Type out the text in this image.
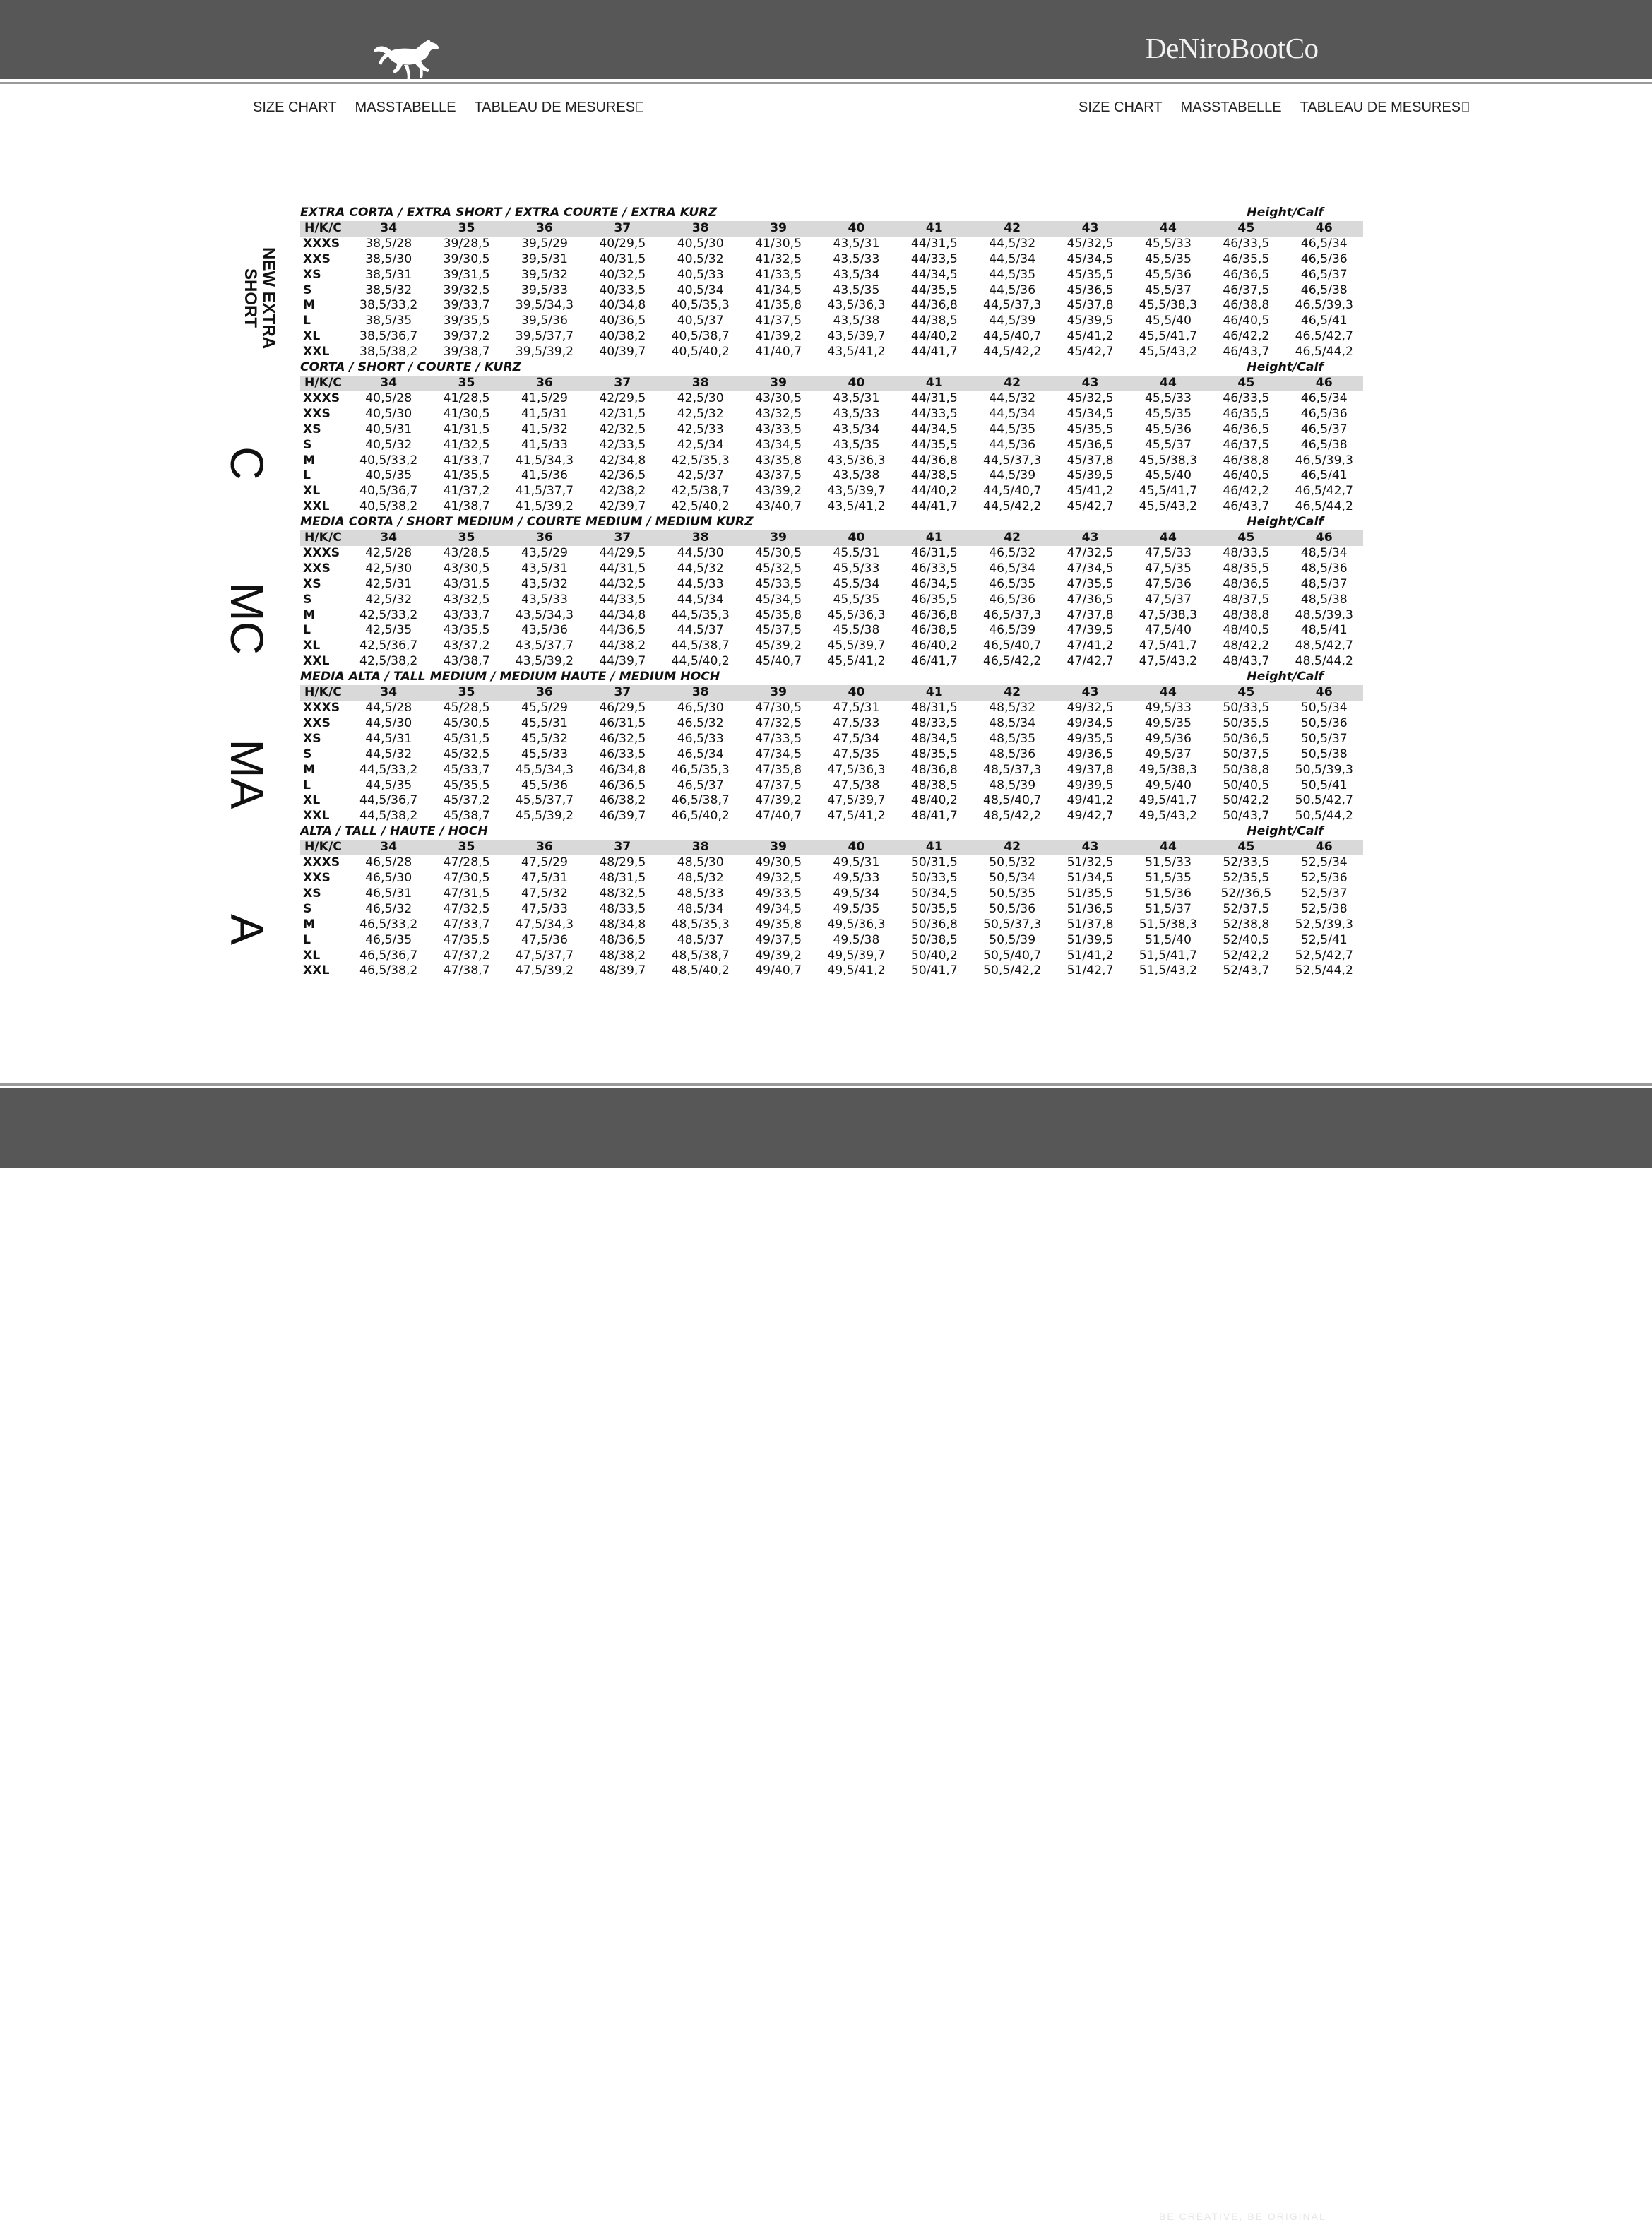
DeNiroBootCo
SIZE CHART MASSTABELLE TABLEAU DE MESURES	SIZE CHART MASSTABELLE TABLEAU DE MESURES
NEW EXTRA SHORT
C
MC
MA
A
EXTRA CORTA / EXTRA SHORT / EXTRA COURTE / EXTRA KURZ												Height/Calf	
H/K/C	34	35	36	37	38	39	40	41	42	43	44	45	46
XXXS	38,5/28	39/28,5	39,5/29	40/29,5	40,5/30	41/30,5	43,5/31	44/31,5	44,5/32	45/32,5	45,5/33	46/33,5	46,5/34
XXS	38,5/30	39/30,5	39,5/31	40/31,5	40,5/32	41/32,5	43,5/33	44/33,5	44,5/34	45/34,5	45,5/35	46/35,5	46,5/36
XS	38,5/31	39/31,5	39,5/32	40/32,5	40,5/33	41/33,5	43,5/34	44/34,5	44,5/35	45/35,5	45,5/36	46/36,5	46,5/37
S	38,5/32	39/32,5	39,5/33	40/33,5	40,5/34	41/34,5	43,5/35	44/35,5	44,5/36	45/36,5	45,5/37	46/37,5	46,5/38
M	38,5/33,2	39/33,7	39,5/34,3	40/34,8	40,5/35,3	41/35,8	43,5/36,3	44/36,8	44,5/37,3	45/37,8	45,5/38,3	46/38,8	46,5/39,3
L	38,5/35	39/35,5	39,5/36	40/36,5	40,5/37	41/37,5	43,5/38	44/38,5	44,5/39	45/39,5	45,5/40	46/40,5	46,5/41
XL	38,5/36,7	39/37,2	39,5/37,7	40/38,2	40,5/38,7	41/39,2	43,5/39,7	44/40,2	44,5/40,7	45/41,2	45,5/41,7	46/42,2	46,5/42,7
XXL	38,5/38,2	39/38,7	39,5/39,2	40/39,7	40,5/40,2	41/40,7	43,5/41,2	44/41,7	44,5/42,2	45/42,7	45,5/43,2	46/43,7	46,5/44,2
CORTA / SHORT / COURTE / KURZ												Height/Calf	
H/K/C	34	35	36	37	38	39	40	41	42	43	44	45	46
XXXS	40,5/28	41/28,5	41,5/29	42/29,5	42,5/30	43/30,5	43,5/31	44/31,5	44,5/32	45/32,5	45,5/33	46/33,5	46,5/34
XXS	40,5/30	41/30,5	41,5/31	42/31,5	42,5/32	43/32,5	43,5/33	44/33,5	44,5/34	45/34,5	45,5/35	46/35,5	46,5/36
XS	40,5/31	41/31,5	41,5/32	42/32,5	42,5/33	43/33,5	43,5/34	44/34,5	44,5/35	45/35,5	45,5/36	46/36,5	46,5/37
S	40,5/32	41/32,5	41,5/33	42/33,5	42,5/34	43/34,5	43,5/35	44/35,5	44,5/36	45/36,5	45,5/37	46/37,5	46,5/38
M	40,5/33,2	41/33,7	41,5/34,3	42/34,8	42,5/35,3	43/35,8	43,5/36,3	44/36,8	44,5/37,3	45/37,8	45,5/38,3	46/38,8	46,5/39,3
L	40,5/35	41/35,5	41,5/36	42/36,5	42,5/37	43/37,5	43,5/38	44/38,5	44,5/39	45/39,5	45,5/40	46/40,5	46,5/41
XL	40,5/36,7	41/37,2	41,5/37,7	42/38,2	42,5/38,7	43/39,2	43,5/39,7	44/40,2	44,5/40,7	45/41,2	45,5/41,7	46/42,2	46,5/42,7
XXL	40,5/38,2	41/38,7	41,5/39,2	42/39,7	42,5/40,2	43/40,7	43,5/41,2	44/41,7	44,5/42,2	45/42,7	45,5/43,2	46/43,7	46,5/44,2
MEDIA CORTA / SHORT MEDIUM / COURTE MEDIUM / MEDIUM KURZ												Height/Calf	
H/K/C	34	35	36	37	38	39	40	41	42	43	44	45	46
XXXS	42,5/28	43/28,5	43,5/29	44/29,5	44,5/30	45/30,5	45,5/31	46/31,5	46,5/32	47/32,5	47,5/33	48/33,5	48,5/34
XXS	42,5/30	43/30,5	43,5/31	44/31,5	44,5/32	45/32,5	45,5/33	46/33,5	46,5/34	47/34,5	47,5/35	48/35,5	48,5/36
XS	42,5/31	43/31,5	43,5/32	44/32,5	44,5/33	45/33,5	45,5/34	46/34,5	46,5/35	47/35,5	47,5/36	48/36,5	48,5/37
S	42,5/32	43/32,5	43,5/33	44/33,5	44,5/34	45/34,5	45,5/35	46/35,5	46,5/36	47/36,5	47,5/37	48/37,5	48,5/38
M	42,5/33,2	43/33,7	43,5/34,3	44/34,8	44,5/35,3	45/35,8	45,5/36,3	46/36,8	46,5/37,3	47/37,8	47,5/38,3	48/38,8	48,5/39,3
L	42,5/35	43/35,5	43,5/36	44/36,5	44,5/37	45/37,5	45,5/38	46/38,5	46,5/39	47/39,5	47,5/40	48/40,5	48,5/41
XL	42,5/36,7	43/37,2	43,5/37,7	44/38,2	44,5/38,7	45/39,2	45,5/39,7	46/40,2	46,5/40,7	47/41,2	47,5/41,7	48/42,2	48,5/42,7
XXL	42,5/38,2	43/38,7	43,5/39,2	44/39,7	44,5/40,2	45/40,7	45,5/41,2	46/41,7	46,5/42,2	47/42,7	47,5/43,2	48/43,7	48,5/44,2
MEDIA ALTA / TALL MEDIUM / MEDIUM HAUTE / MEDIUM HOCH												Height/Calf	
H/K/C	34	35	36	37	38	39	40	41	42	43	44	45	46
XXXS	44,5/28	45/28,5	45,5/29	46/29,5	46,5/30	47/30,5	47,5/31	48/31,5	48,5/32	49/32,5	49,5/33	50/33,5	50,5/34
XXS	44,5/30	45/30,5	45,5/31	46/31,5	46,5/32	47/32,5	47,5/33	48/33,5	48,5/34	49/34,5	49,5/35	50/35,5	50,5/36
XS	44,5/31	45/31,5	45,5/32	46/32,5	46,5/33	47/33,5	47,5/34	48/34,5	48,5/35	49/35,5	49,5/36	50/36,5	50,5/37
S	44,5/32	45/32,5	45,5/33	46/33,5	46,5/34	47/34,5	47,5/35	48/35,5	48,5/36	49/36,5	49,5/37	50/37,5	50,5/38
M	44,5/33,2	45/33,7	45,5/34,3	46/34,8	46,5/35,3	47/35,8	47,5/36,3	48/36,8	48,5/37,3	49/37,8	49,5/38,3	50/38,8	50,5/39,3
L	44,5/35	45/35,5	45,5/36	46/36,5	46,5/37	47/37,5	47,5/38	48/38,5	48,5/39	49/39,5	49,5/40	50/40,5	50,5/41
XL	44,5/36,7	45/37,2	45,5/37,7	46/38,2	46,5/38,7	47/39,2	47,5/39,7	48/40,2	48,5/40,7	49/41,2	49,5/41,7	50/42,2	50,5/42,7
XXL	44,5/38,2	45/38,7	45,5/39,2	46/39,7	46,5/40,2	47/40,7	47,5/41,2	48/41,7	48,5/42,2	49/42,7	49,5/43,2	50/43,7	50,5/44,2
ALTA / TALL / HAUTE / HOCH												Height/Calf	
H/K/C	34	35	36	37	38	39	40	41	42	43	44	45	46
XXXS	46,5/28	47/28,5	47,5/29	48/29,5	48,5/30	49/30,5	49,5/31	50/31,5	50,5/32	51/32,5	51,5/33	52/33,5	52,5/34
XXS	46,5/30	47/30,5	47,5/31	48/31,5	48,5/32	49/32,5	49,5/33	50/33,5	50,5/34	51/34,5	51,5/35	52/35,5	52,5/36
XS	46,5/31	47/31,5	47,5/32	48/32,5	48,5/33	49/33,5	49,5/34	50/34,5	50,5/35	51/35,5	51,5/36	52//36,5	52,5/37
S	46,5/32	47/32,5	47,5/33	48/33,5	48,5/34	49/34,5	49,5/35	50/35,5	50,5/36	51/36,5	51,5/37	52/37,5	52,5/38
M	46,5/33,2	47/33,7	47,5/34,3	48/34,8	48,5/35,3	49/35,8	49,5/36,3	50/36,8	50,5/37,3	51/37,8	51,5/38,3	52/38,8	52,5/39,3
L	46,5/35	47/35,5	47,5/36	48/36,5	48,5/37	49/37,5	49,5/38	50/38,5	50,5/39	51/39,5	51,5/40	52/40,5	52,5/41
XL	46,5/36,7	47/37,2	47,5/37,7	48/38,2	48,5/38,7	49/39,2	49,5/39,7	50/40,2	50,5/40,7	51/41,2	51,5/41,7	52/42,2	52,5/42,7
XXL	46,5/38,2	47/38,7	47,5/39,2	48/39,7	48,5/40,2	49/40,7	49,5/41,2	50/41,7	50,5/42,2	51/42,7	51,5/43,2	52/43,7	52,5/44,2
BE CREATIVE, BE ORIGINAL
